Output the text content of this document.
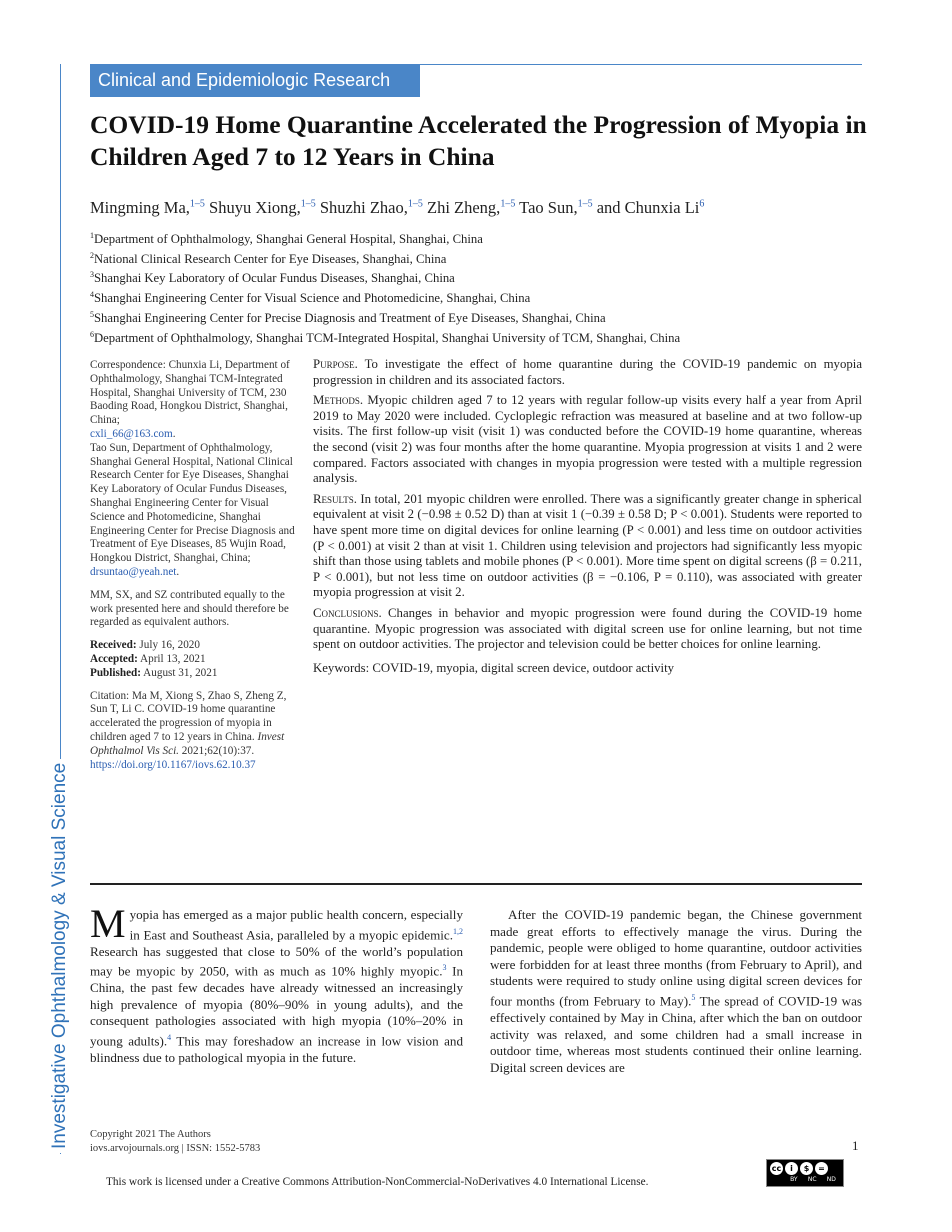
Investigative Ophthalmology & Visual Science
Clinical and Epidemiologic Research
COVID-19 Home Quarantine Accelerated the Progression of Myopia in Children Aged 7 to 12 Years in China
Mingming Ma,$^{1-5}$ Shuyu Xiong,$^{1-5}$ Shuzhi Zhao,$^{1-5}$ Zhi Zheng,$^{1-5}$ Tao Sun,$^{1-5}$ and Chunxia Li$^6$
$^1$Department of Ophthalmology, Shanghai General Hospital, Shanghai, China
$^2$National Clinical Research Center for Eye Diseases, Shanghai, China
$^3$Shanghai Key Laboratory of Ocular Fundus Diseases, Shanghai, China
$^4$Shanghai Engineering Center for Visual Science and Photomedicine, Shanghai, China
$^5$Shanghai Engineering Center for Precise Diagnosis and Treatment of Eye Diseases, Shanghai, China
$^6$Department of Ophthalmology, Shanghai TCM-Integrated Hospital, Shanghai University of TCM, Shanghai, China

Correspondence: Chunxia Li, Department of Ophthalmology, Shanghai TCM-Integrated Hospital, Shanghai University of TCM, 230 Baoding Road, Hongkou District, Shanghai, China;
cxli_66@163.com.
Tao Sun, Department of Ophthalmology, Shanghai General Hospital, National Clinical Research Center for Eye Diseases, Shanghai Key Laboratory of Ocular Fundus Diseases, Shanghai Engineering Center for Visual Science and Photomedicine, Shanghai Engineering Center for Precise Diagnosis and Treatment of Eye Diseases, 85 Wujin Road, Hongkou District, Shanghai, China;
drsuntao@yeah.net.

MM, SX, and SZ contributed equally to the work presented here and should therefore be regarded as equivalent authors.

Received: July 16, 2020
Accepted: April 13, 2021
Published: August 31, 2021

Citation: Ma M, Xiong S, Zhao S, Zheng Z, Sun T, Li C. COVID-19 home quarantine accelerated the progression of myopia in children aged 7 to 12 years in China. Invest Ophthalmol Vis Sci. 2021;62(10):37.
https://doi.org/10.1167/iovs.62.10.37

Purpose. To investigate the effect of home quarantine during the COVID-19 pandemic on myopia progression in children and its associated factors.

Methods. Myopic children aged 7 to 12 years with regular follow-up visits every half a year from April 2019 to May 2020 were included. Cycloplegic refraction was measured at baseline and at two follow-up visits. The first follow-up visit (visit 1) was conducted before the COVID-19 home quarantine, whereas the second (visit 2) was four months after the home quarantine. Myopia progression at visits 1 and 2 were compared. Factors associated with changes in myopia progression were tested with a multiple regression analysis.

Results. In total, 201 myopic children were enrolled. There was a significantly greater change in spherical equivalent at visit 2 (−0.98 ± 0.52 D) than at visit 1 (−0.39 ± 0.58 D; P < 0.001). Students were reported to have spent more time on digital devices for online learning (P < 0.001) and less time on outdoor activities (P < 0.001) at visit 2 than at visit 1. Children using television and projectors had significantly less myopic shift than those using tablets and mobile phones (P < 0.001). More time spent on digital screens (β = 0.211, P < 0.001), but not less time on outdoor activities (β = −0.106, P = 0.110), was associated with greater myopia progression at visit 2.

Conclusions. Changes in behavior and myopic progression were found during the COVID-19 home quarantine. Myopic progression was associated with digital screen use for online learning, but not time spent on outdoor activities. The projector and television could be better choices for online learning.

Keywords: COVID-19, myopia, digital screen device, outdoor activity

Myopia has emerged as a major public health concern, especially in East and Southeast Asia, paralleled by a myopic epidemic.$^{1,2}$ Research has suggested that close to 50% of the world’s population may be myopic by 2050, with as much as 10% highly myopic.$^3$ In China, the past few decades have already witnessed an increasingly high prevalence of myopia (80%–90% in young adults), and the consequent pathologies associated with high myopia (10%–20% in young adults).$^4$ This may foreshadow an increase in low vision and blindness due to pathological myopia in the future.
After the COVID-19 pandemic began, the Chinese government made great efforts to effectively manage the virus. During the pandemic, people were obliged to home quarantine, outdoor activities were forbidden for at least three months (from February to April), and students were required to study online using digital screen devices for four months (from February to May).$^5$ The spread of COVID-19 was effectively contained by May in China, after which the ban on outdoor activity was relaxed, and some children had a small increase in outdoor time, whereas most students continued their online learning. Digital screen devices are
Copyright 2021 The Authors
iovs.arvojournals.org | ISSN: 1552-5783	1
This work is licensed under a Creative Commons Attribution-NonCommercial-NoDerivatives 4.0 International License.
cc	i	$	=
BY NC ND
